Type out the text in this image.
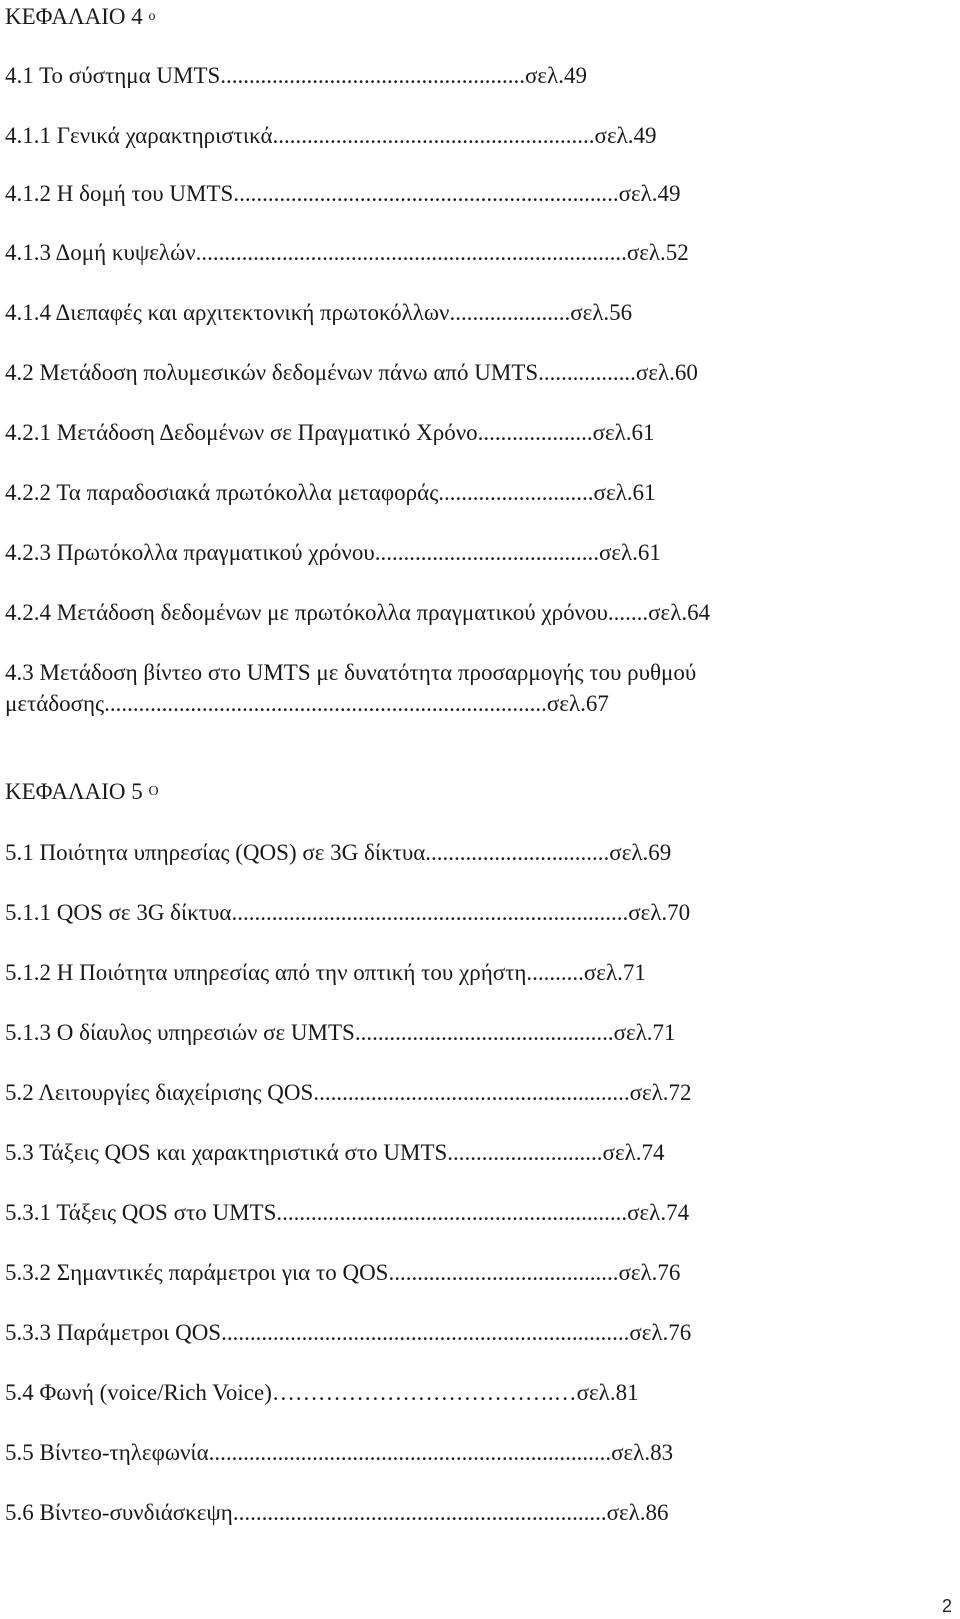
ΚΕΦΑΛΑΙΟ 4 $^o$
4.1 Το σύστημα UMTS.....................................................σελ.49
4.1.1 Γενικά χαρακτηριστικά........................................................σελ.49
4.1.2 Η δομή του UMTS...................................................................σελ.49
4.1.3 Δομή κυψελών...........................................................................σελ.52
4.1.4 Διεπαφές και αρχιτεκτονική πρωτοκόλλων.....................σελ.56
4.2 Μετάδοση πολυμεσικών δεδομένων πάνω από UMTS.................σελ.60
4.2.1 Μετάδοση Δεδομένων σε Πραγματικό Χρόνο....................σελ.61
4.2.2 Τα παραδοσιακά πρωτόκολλα μεταφοράς...........................σελ.61
4.2.3 Πρωτόκολλα πραγματικού χρόνου.......................................σελ.61
4.2.4 Μετάδοση δεδομένων με πρωτόκολλα πραγματικού χρόνου.......σελ.64
4.3 Μετάδοση βίντεο στο UMTS με δυνατότητα προσαρμογής του ρυθμού
μετάδοσης.............................................................................σελ.67
ΚΕΦΑΛΑΙΟ 5 $^O$
5.1 Ποιότητα υπηρεσίας (QOS) σε 3G δίκτυα................................σελ.69
5.1.1 QOS σε 3G δίκτυα.....................................................................σελ.70
5.1.2 Η Ποιότητα υπηρεσίας από την οπτική του χρήστη..........σελ.71
5.1.3 Ο δίαυλος υπηρεσιών σε UMTS.............................................σελ.71
5.2 Λειτουργίες διαχείρισης QOS.......................................................σελ.72
5.3 Τάξεις QOS και χαρακτηριστικά στο UMTS...........................σελ.74
5.3.1 Τάξεις QOS στο UMTS.............................................................σελ.74
5.3.2 Σημαντικές παράμετροι για το QOS........................................σελ.76
5.3.3 Παράμετροι QOS.......................................................................σελ.76
5.4 Φωνή (voice/Rich Voice)……………………………….…σελ.81
5.5 Βίντεο-τηλεφωνία......................................................................σελ.83
5.6 Βίντεο-συνδιάσκεψη.................................................................σελ.86
2
